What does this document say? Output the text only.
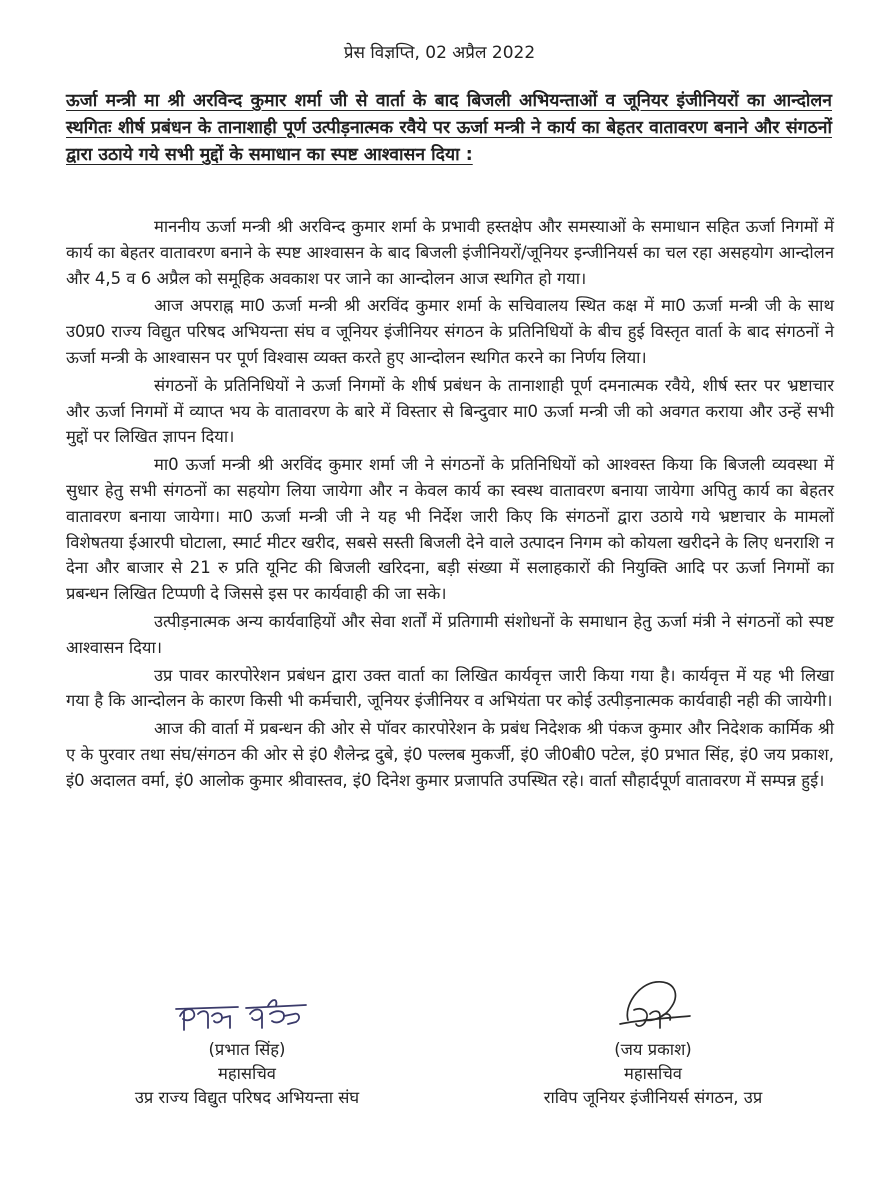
प्रेस विज्ञप्ति, 02 अप्रैल 2022
ऊर्जा मन्त्री मा श्री अरविन्द कुमार शर्मा जी से वार्ता के बाद बिजली अभियन्ताओं व जूनियर इंजीनियरों का आन्दोलन स्थगितः शीर्ष प्रबंधन के तानाशाही पूर्ण उत्पीड़नात्मक रवैये पर ऊर्जा मन्त्री ने कार्य का बेहतर वातावरण बनाने और संगठनों द्वारा उठाये गये सभी मुद्दों के समाधान का स्पष्ट आश्वासन दिया :

माननीय ऊर्जा मन्त्री श्री अरविन्द कुमार शर्मा के प्रभावी हस्तक्षेप और समस्याओं के समाधान सहित ऊर्जा निगमों में कार्य का बेहतर वातावरण बनाने के स्पष्ट आश्वासन के बाद बिजली इंजीनियरों/जूनियर इन्जीनियर्स का चल रहा असहयोग आन्दोलन और 4,5 व 6 अप्रैल को समूहिक अवकाश पर जाने का आन्दोलन आज स्थगित हो गया।

आज अपराह्न मा0 ऊर्जा मन्त्री श्री अरविंद कुमार शर्मा के सचिवालय स्थित कक्ष में मा0 ऊर्जा मन्त्री जी के साथ उ0प्र0 राज्य विद्युत परिषद अभियन्ता संघ व जूनियर इंजीनियर संगठन के प्रतिनिधियों के बीच हुई विस्तृत वार्ता के बाद संगठनों ने ऊर्जा मन्त्री के आश्वासन पर पूर्ण विश्वास व्यक्त करते हुए आन्दोलन स्थगित करने का निर्णय लिया।

संगठनों के प्रतिनिधियों ने ऊर्जा निगमों के शीर्ष प्रबंधन के तानाशाही पूर्ण दमनात्मक रवैये, शीर्ष स्तर पर भ्रष्टाचार और ऊर्जा निगमों में व्याप्त भय के वातावरण के बारे में विस्तार से बिन्दुवार मा0 ऊर्जा मन्त्री जी को अवगत कराया और उन्हें सभी मुद्दों पर लिखित ज्ञापन दिया।

मा0 ऊर्जा मन्त्री श्री अरविंद कुमार शर्मा जी ने संगठनों के प्रतिनिधियों को आश्वस्त किया कि बिजली व्यवस्था में सुधार हेतु सभी संगठनों का सहयोग लिया जायेगा और न केवल कार्य का स्वस्थ वातावरण बनाया जायेगा अपितु कार्य का बेहतर वातावरण बनाया जायेगा। मा0 ऊर्जा मन्त्री जी ने यह भी निर्देश जारी किए कि संगठनों द्वारा उठाये गये भ्रष्टाचार के मामलों विशेषतया ईआरपी घोटाला, स्मार्ट मीटर खरीद, सबसे सस्ती बिजली देने वाले उत्पादन निगम को कोयला खरीदने के लिए धनराशि न देना और बाजार से 21 रु प्रति यूनिट की बिजली खरिदना, बड़ी संख्या में सलाहकारों की नियुक्ति आदि पर ऊर्जा निगमों का प्रबन्धन लिखित टिप्पणी दे जिससे इस पर कार्यवाही की जा सके।

उत्पीड़नात्मक अन्य कार्यवाहियों और सेवा शर्तों में प्रतिगामी संशोधनों के समाधान हेतु ऊर्जा मंत्री ने संगठनों को स्पष्ट आश्वासन दिया।

उप्र पावर कारपोरेशन प्रबंधन द्वारा उक्त वार्ता का लिखित कार्यवृत्त जारी किया गया है। कार्यवृत्त में यह भी लिखा गया है कि आन्दोलन के कारण किसी भी कर्मचारी, जूनियर इंजीनियर व अभियंता पर कोई उत्पीड़नात्मक कार्यवाही नही की जायेगी।

आज की वार्ता में प्रबन्धन की ओर से पॉवर कारपोरेशन के प्रबंध निदेशक श्री पंकज कुमार और निदेशक कार्मिक श्री ए के पुरवार तथा संघ/संगठन की ओर से इं0 शैलेन्द्र दुबे, इं0 पल्लब मुकर्जी, इं0 जी0बी0 पटेल, इं0 प्रभात सिंह, इं0 जय प्रकाश, इं0 अदालत वर्मा, इं0 आलोक कुमार श्रीवास्तव, इं0 दिनेश कुमार प्रजापति उपस्थित रहे। वार्ता सौहार्दपूर्ण वातावरण में सम्पन्न हुई।

(प्रभात सिंह)
महासचिव
उप्र राज्य विद्युत परिषद अभियन्ता संघ
(जय प्रकाश)
महासचिव
राविप जूनियर इंजीनियर्स संगठन, उप्र
